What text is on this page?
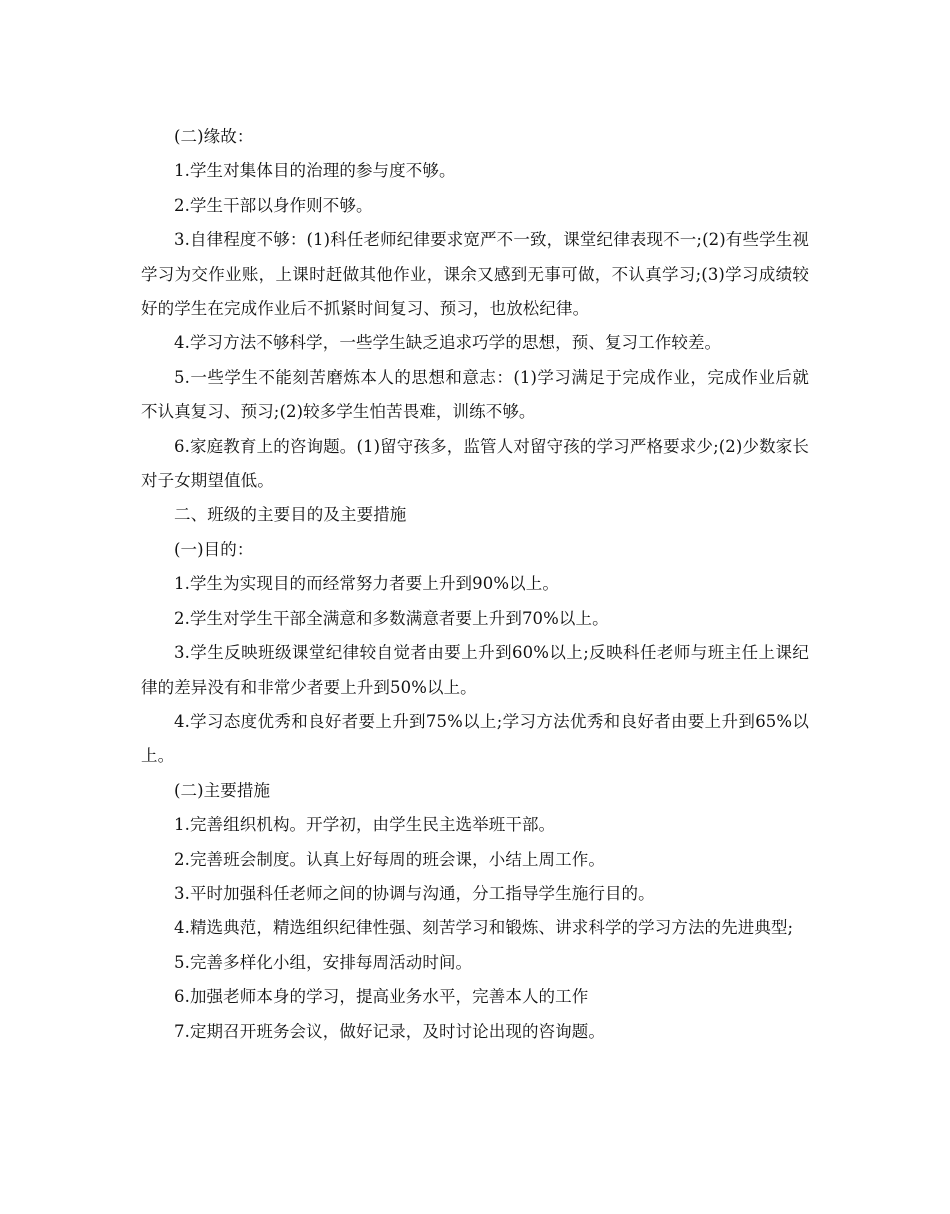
(二)缘故：

1.学生对集体目的治理的参与度不够。

2.学生干部以身作则不够。

3.自律程度不够：(1)科任老师纪律要求宽严不一致，课堂纪律表现不一;(2)有些学生视学习为交作业账，上课时赶做其他作业，课余又感到无事可做，不认真学习;(3)学习成绩较好的学生在完成作业后不抓紧时间复习、预习，也放松纪律。

4.学习方法不够科学，一些学生缺乏追求巧学的思想，预、复习工作较差。

5.一些学生不能刻苦磨炼本人的思想和意志：(1)学习满足于完成作业，完成作业后就不认真复习、预习;(2)较多学生怕苦畏难，训练不够。

6.家庭教育上的咨询题。(1)留守孩多，监管人对留守孩的学习严格要求少;(2)少数家长对子女期望值低。

二、班级的主要目的及主要措施

(一)目的：

1.学生为实现目的而经常努力者要上升到90%以上。

2.学生对学生干部全满意和多数满意者要上升到70%以上。

3.学生反映班级课堂纪律较自觉者由要上升到60%以上;反映科任老师与班主任上课纪律的差异没有和非常少者要上升到50%以上。

4.学习态度优秀和良好者要上升到75%以上;学习方法优秀和良好者由要上升到65%以上。

(二)主要措施

1.完善组织机构。开学初，由学生民主选举班干部。

2.完善班会制度。认真上好每周的班会课，小结上周工作。

3.平时加强科任老师之间的协调与沟通，分工指导学生施行目的。

4.精选典范，精选组织纪律性强、刻苦学习和锻炼、讲求科学的学习方法的先进典型;

5.完善多样化小组，安排每周活动时间。

6.加强老师本身的学习，提高业务水平，完善本人的工作

7.定期召开班务会议，做好记录，及时讨论出现的咨询题。
